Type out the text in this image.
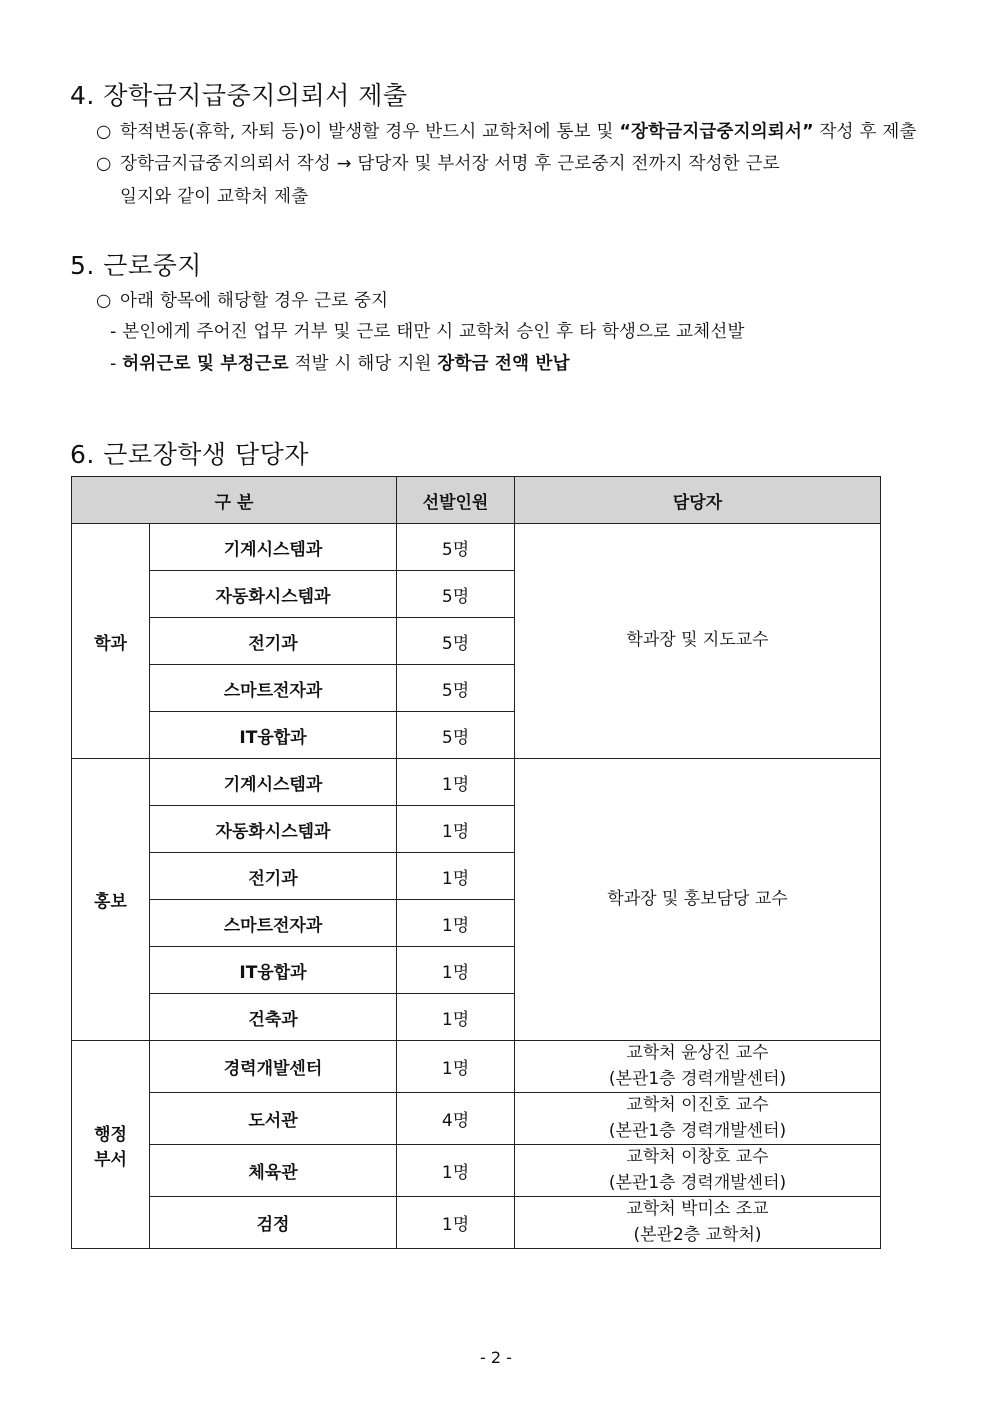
4. 장학금지급중지의뢰서 제출
○ 학적변동(휴학, 자퇴 등)이 발생할 경우 반드시 교학처에 통보 및 “장학금지급중지의뢰서” 작성 후 제출
○ 장학금지급중지의뢰서 작성 → 담당자 및 부서장 서명 후 근로중지 전까지 작성한 근로
일지와 같이 교학처 제출
5. 근로중지
○ 아래 항목에 해당할 경우 근로 중지
- 본인에게 주어진 업무 거부 및 근로 태만 시 교학처 승인 후 타 학생으로 교체선발
- 허위근로 및 부정근로 적발 시 해당 지원 장학금 전액 반납
6. 근로장학생 담당자
구 분		선발인원	담당자
학과	기계시스템과	5명	학과장 및 지도교수
	자동화시스템과	5명	
	전기과	5명	
	스마트전자과	5명	
	IT융합과	5명	
홍보	기계시스템과	1명	학과장 및 홍보담당 교수
	자동화시스템과	1명	
	전기과	1명	
	스마트전자과	1명	
	IT융합과	1명	
	건축과	1명	
행정
부서	경력개발센터	1명	교학처 윤상진 교수
(본관1층 경력개발센터)
	도서관	4명	교학처 이진호 교수
(본관1층 경력개발센터)
	체육관	1명	교학처 이창호 교수
(본관1층 경력개발센터)
	검정	1명	교학처 박미소 조교
(본관2층 교학처)
- 2 -
